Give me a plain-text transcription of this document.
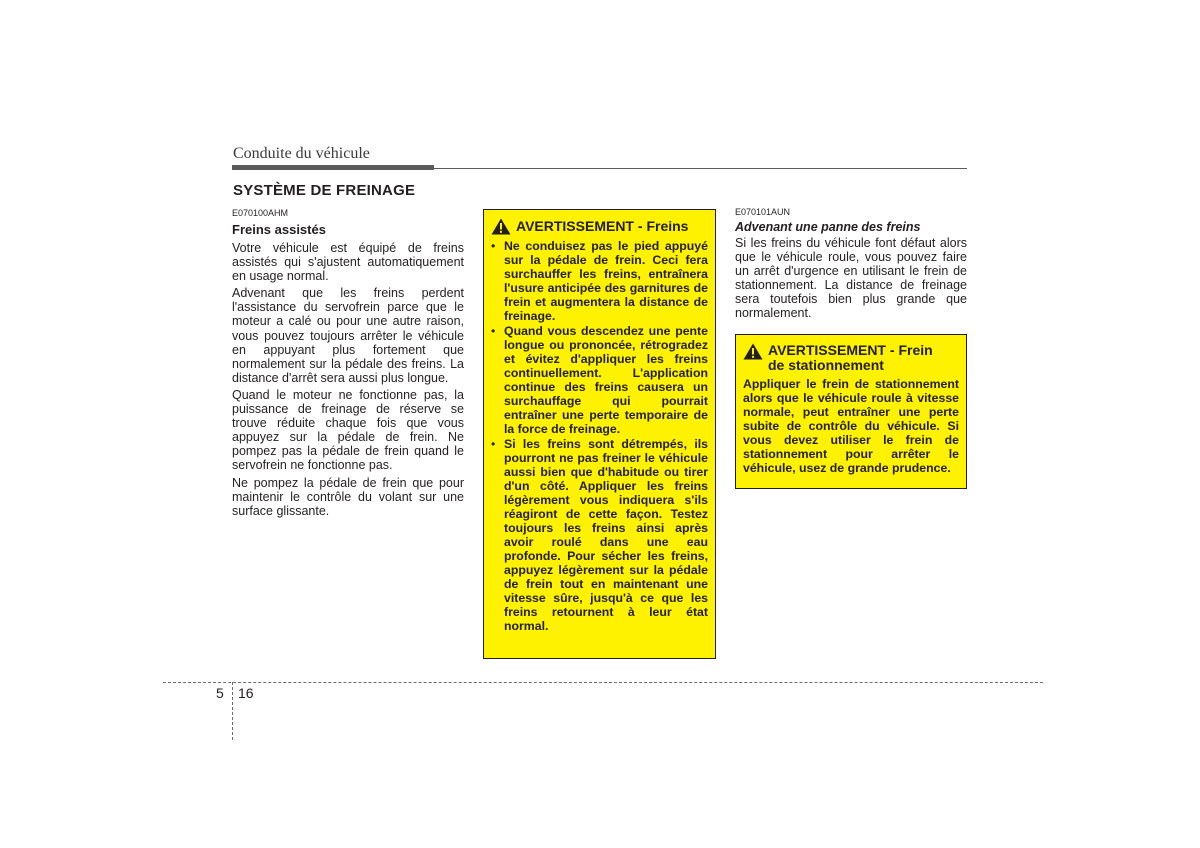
Conduite du véhicule
SYSTÈME DE FREINAGE

E070100AHM

Freins assistés

Votre véhicule est équipé de freins assistés qui s'ajustent automatiquement en usage normal.

Advenant que les freins perdent l'assistance du servofrein parce que le moteur a calé ou pour une autre raison, vous pouvez toujours arrêter le véhicule en appuyant plus fortement que normalement sur la pédale des freins. La distance d'arrêt sera aussi plus longue.

Quand le moteur ne fonctionne pas, la puissance de freinage de réserve se trouve réduite chaque fois que vous appuyez sur la pédale de frein. Ne pompez pas la pédale de frein quand le servofrein ne fonctionne pas.

Ne pompez la pédale de frein que pour maintenir le contrôle du volant sur une surface glissante.

AVERTISSEMENT - Freins
• Ne conduisez pas le pied appuyé sur la pédale de frein. Ceci fera surchauffer les freins, entraînera l'usure anticipée des garnitures de frein et augmentera la distance de freinage.
• Quand vous descendez une pente longue ou prononcée, rétrogradez et évitez d'appliquer les freins continuellement. L'application continue des freins causera un surchauffage qui pourrait entraîner une perte temporaire de la force de freinage.
• Si les freins sont détrempés, ils pourront ne pas freiner le véhicule aussi bien que d'habitude ou tirer d'un côté. Appliquer les freins légèrement vous indiquera s'ils réagiront de cette façon. Testez toujours les freins ainsi après avoir roulé dans une eau profonde. Pour sécher les freins, appuyez légèrement sur la pédale de frein tout en maintenant une vitesse sûre, jusqu'à ce que les freins retournent à leur état normal.

E070101AUN

Advenant une panne des freins

Si les freins du véhicule font défaut alors que le véhicule roule, vous pouvez faire un arrêt d'urgence en utilisant le frein de stationnement. La distance de freinage sera toutefois bien plus grande que normalement.

AVERTISSEMENT - Frein
de stationnement

Appliquer le frein de stationnement alors que le véhicule roule à vitesse normale, peut entraîner une perte subite de contrôle du véhicule. Si vous devez utiliser le frein de stationnement pour arrêter le véhicule, usez de grande prudence.

5 16
